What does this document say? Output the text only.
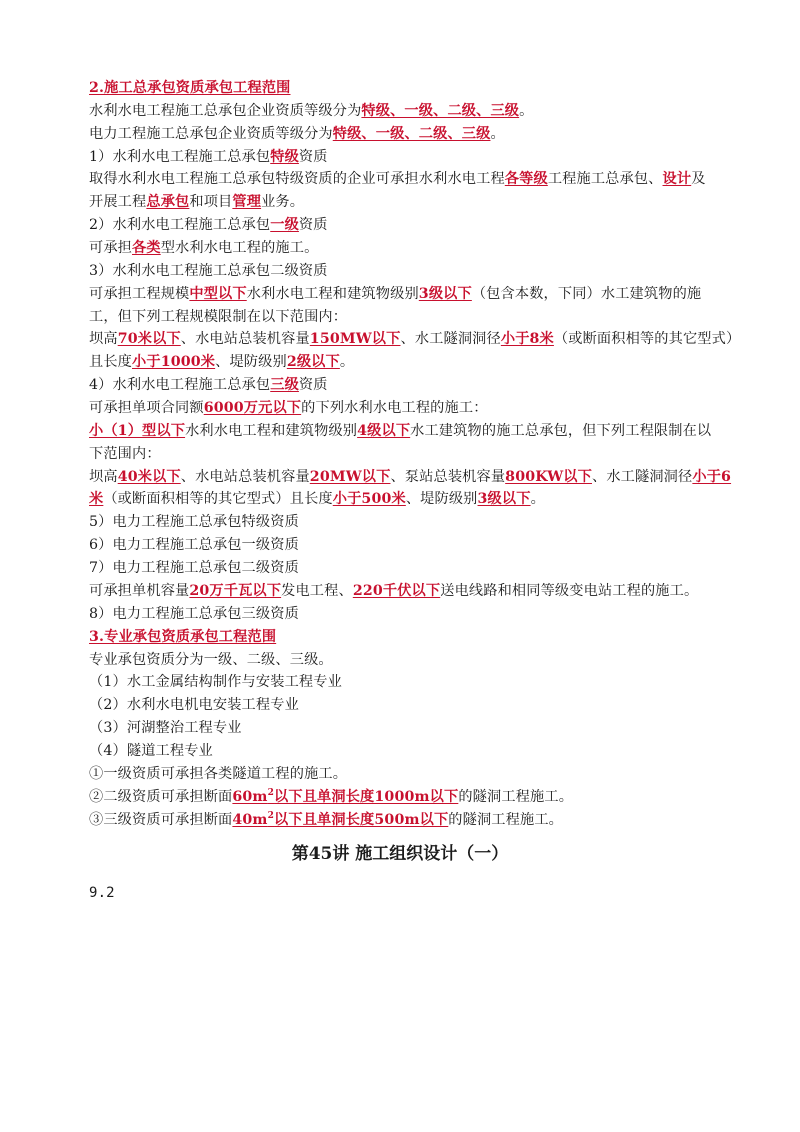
2.施工总承包资质承包工程范围
水利水电工程施工总承包企业资质等级分为特级、一级、二级、三级。
电力工程施工总承包企业资质等级分为特级、一级、二级、三级。
1）水利水电工程施工总承包特级资质
取得水利水电工程施工总承包特级资质的企业可承担水利水电工程各等级工程施工总承包、设计及
开展工程总承包和项目管理业务。
2）水利水电工程施工总承包一级资质
可承担各类型水利水电工程的施工。
3）水利水电工程施工总承包二级资质
可承担工程规模中型以下水利水电工程和建筑物级别3级以下（包含本数，下同）水工建筑物的施
工，但下列工程规模限制在以下范围内：
坝高70米以下、水电站总装机容量150MW以下、水工隧洞洞径小于8米（或断面积相等的其它型式）
且长度小于1000米、堤防级别2级以下。
4）水利水电工程施工总承包三级资质
可承担单项合同额6000万元以下的下列水利水电工程的施工：
小（1）型以下水利水电工程和建筑物级别4级以下水工建筑物的施工总承包，但下列工程限制在以
下范围内：
坝高40米以下、水电站总装机容量20MW以下、泵站总装机容量800KW以下、水工隧洞洞径小于6
米（或断面积相等的其它型式）且长度小于500米、堤防级别3级以下。
5）电力工程施工总承包特级资质
6）电力工程施工总承包一级资质
7）电力工程施工总承包二级资质
可承担单机容量20万千瓦以下发电工程、220千伏以下送电线路和相同等级变电站工程的施工。
8）电力工程施工总承包三级资质
3.专业承包资质承包工程范围
专业承包资质分为一级、二级、三级。
（1）水工金属结构制作与安装工程专业
（2）水利水电机电安装工程专业
（3）河湖整治工程专业
（4）隧道工程专业
①一级资质可承担各类隧道工程的施工。
②二级资质可承担断面$60m^2$以下且单洞长度1000m以下的隧洞工程施工。
③三级资质可承担断面$40m^2$以下且单洞长度500m以下的隧洞工程施工。
第45讲 施工组织设计（一）
9.2
